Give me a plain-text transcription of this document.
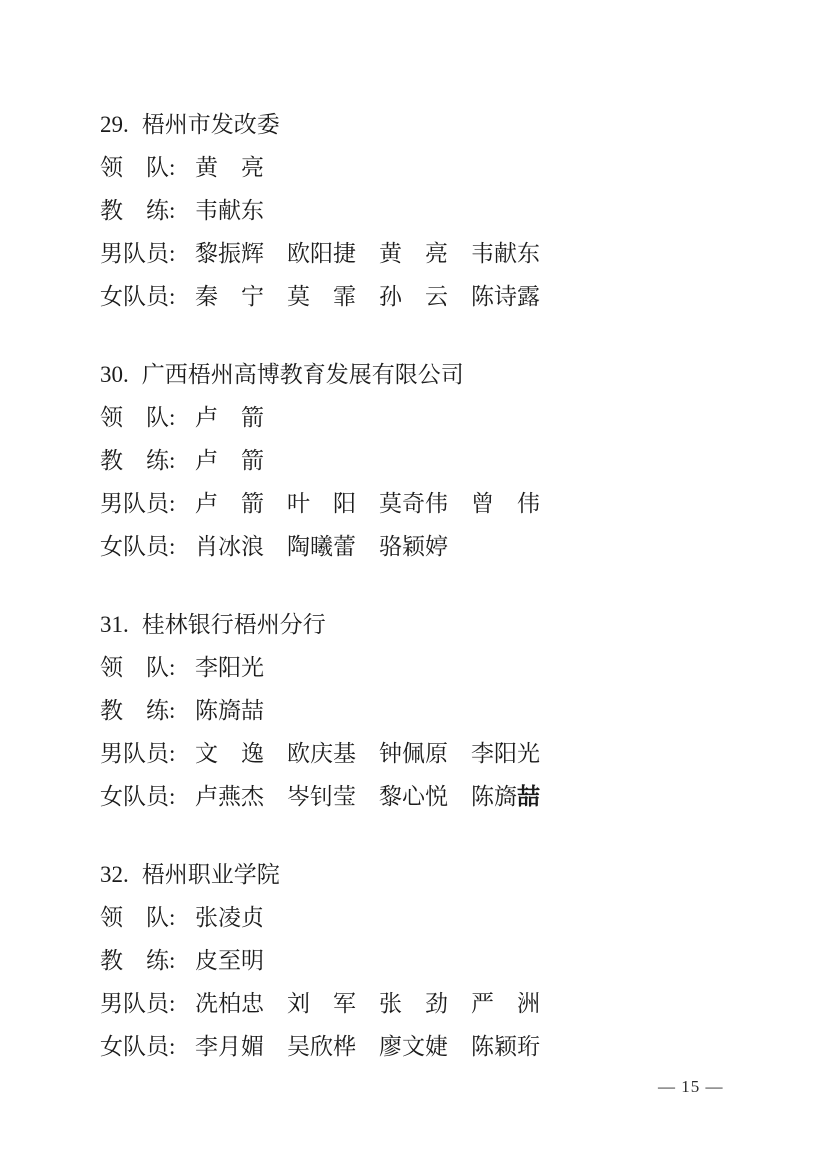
29. 梧州市发改委
领　队:黄　亮
教　练:韦献东
男队员:黎振辉　欧阳捷　黄　亮　韦献东
女队员:秦　宁　莫　霏　孙　云　陈诗露
30. 广西梧州高博教育发展有限公司
领　队:卢　箭
教　练:卢　箭
男队员:卢　箭　叶　阳　莫奇伟　曾　伟
女队员:肖冰浪　陶曦蕾　骆颖婷
31. 桂林银行梧州分行
领　队:李阳光
教　练:陈旖喆
男队员:文　逸　欧庆基　钟佩原　李阳光
女队员:卢燕杰　岑钊莹　黎心悦　陈旖喆
32. 梧州职业学院
领　队:张凌贞
教　练:皮至明
男队员:冼柏忠　刘　军　张　劲　严　洲
女队员:李月媚　吴欣桦　廖文婕　陈颖珩
— 15 —
